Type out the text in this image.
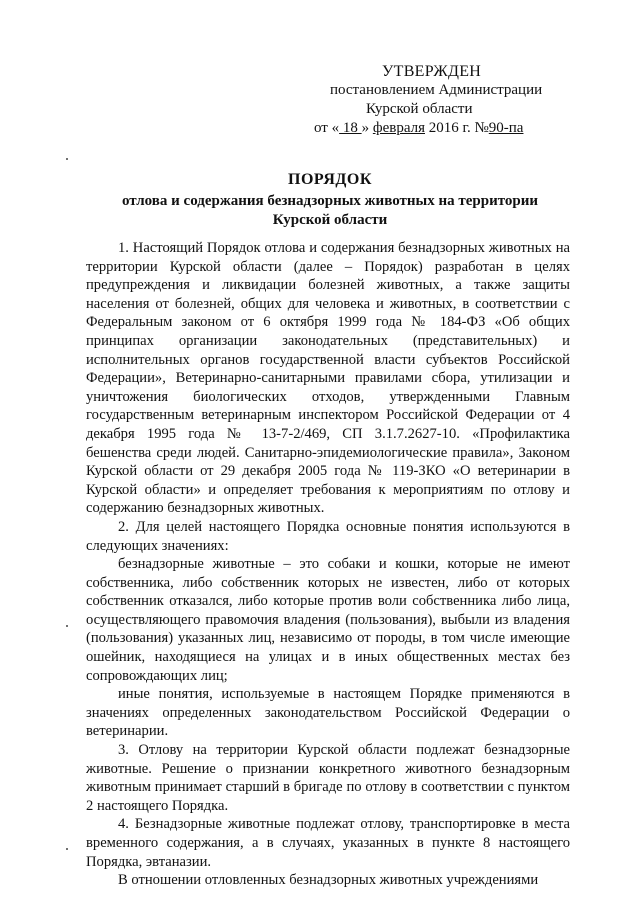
УТВЕРЖДЕН
постановлением Администрации
Курской области
от « 18 » февраля 2016 г. №90-па
ПОРЯДОК
отлова и содержания безнадзорных животных на территории Курской области

1. Настоящий Порядок отлова и содержания безнадзорных животных на территории Курской области (далее – Порядок) разработан в целях предупреждения и ликвидации болезней животных, а также защиты населения от болезней, общих для человека и животных, в соответствии с Федеральным законом от 6 октября 1999 года № 184-ФЗ «Об общих принципах организации законодательных (представительных) и исполнительных органов государственной власти субъектов Российской Федерации», Ветеринарно-санитарными правилами сбора, утилизации и уничтожения биологических отходов, утвержденными Главным государственным ветеринарным инспектором Российской Федерации от 4 декабря 1995 года № 13-7-2/469, СП 3.1.7.2627-10. «Профилактика бешенства среди людей. Санитарно-эпидемиологические правила», Законом Курской области от 29 декабря 2005 года № 119-ЗКО «О ветеринарии в Курской области» и определяет требования к мероприятиям по отлову и содержанию безнадзорных животных.

2. Для целей настоящего Порядка основные понятия используются в следующих значениях:

безнадзорные животные – это собаки и кошки, которые не имеют собственника, либо собственник которых не известен, либо от которых собственник отказался, либо которые против воли собственника либо лица, осуществляющего правомочия владения (пользования), выбыли из владения (пользования) указанных лиц, независимо от породы, в том числе имеющие ошейник, находящиеся на улицах и в иных общественных местах без сопровождающих лиц;

иные понятия, используемые в настоящем Порядке применяются в значениях определенных законодательством Российской Федерации о ветеринарии.

3. Отлову на территории Курской области подлежат безнадзорные животные. Решение о признании конкретного животного безнадзорным животным принимает старший в бригаде по отлову в соответствии с пунктом 2 настоящего Порядка.

4. Безнадзорные животные подлежат отлову, транспортировке в места временного содержания, а в случаях, указанных в пункте 8 настоящего Порядка, эвтаназии.

В отношении отловленных безнадзорных животных учреждениями
